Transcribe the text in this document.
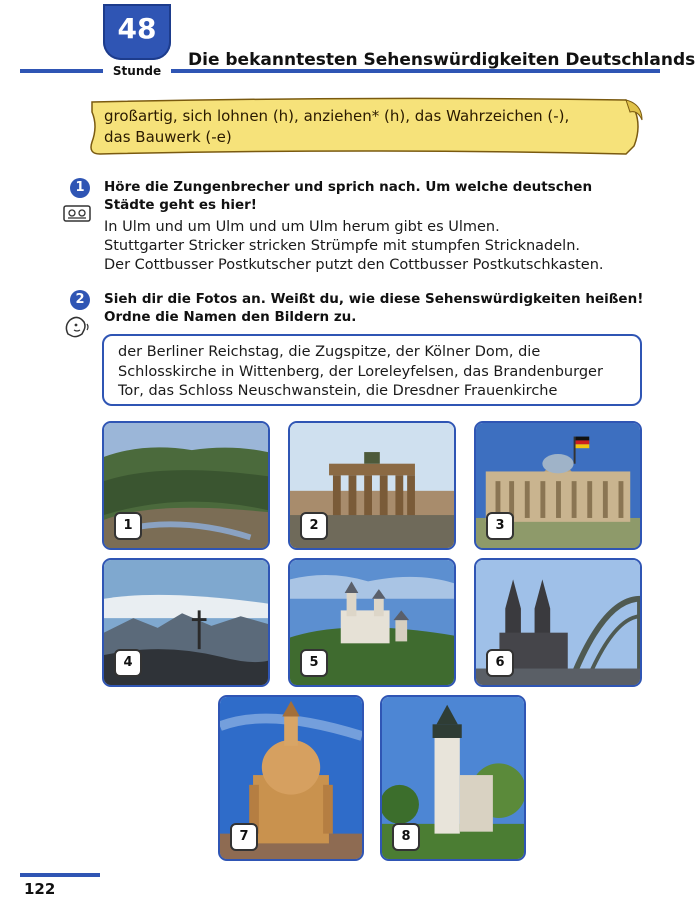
48
Stunde
Die bekanntesten Sehenswürdigkeiten Deutschlands
großartig, sich lohnen (h), anziehen* (h), das Wahrzeichen (-),
das Bauwerk (-e)
1	Höre die Zungenbrecher und sprich nach. Um welche deutschen Städte geht es hier!
In Ulm und um Ulm und um Ulm herum gibt es Ulmen.
Stuttgarter Stricker stricken Strümpfe mit stumpfen Stricknadeln.
Der Cottbusser Postkutscher putzt den Cottbusser Postkutschkasten.
2	Sieh dir die Fotos an. Weißt du, wie diese Sehenswürdigkeiten heißen! Ordne die Namen den Bildern zu.
der Berliner Reichstag, die Zugspitze, der Kölner Dom, die Schlosskirche in Wittenberg, der Loreleyfelsen, das Brandenburger Tor, das Schloss Neuschwanstein, die Dresdner Frauenkirche
1	2	3
4	5	6
7	8
122
